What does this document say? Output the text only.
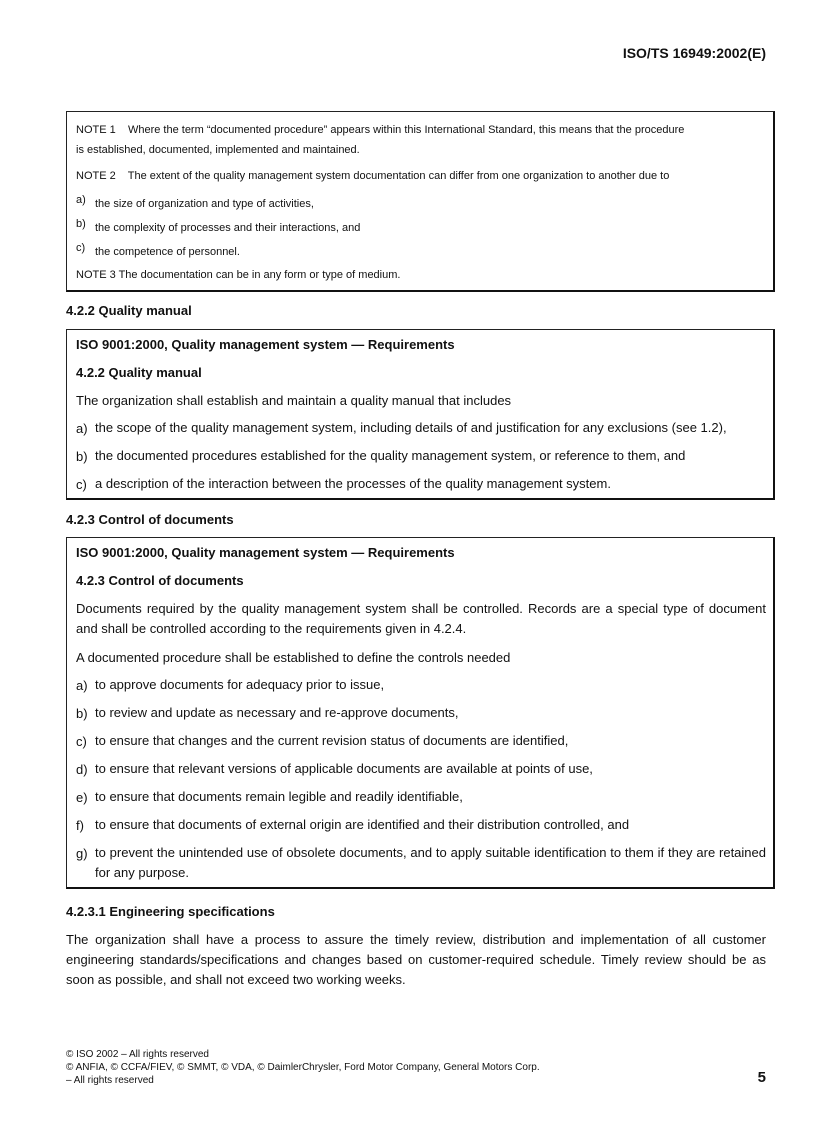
ISO/TS 16949:2002(E)
NOTE 1    Where the term “documented procedure” appears within this International Standard, this means that the procedure
is established, documented, implemented and maintained.
NOTE 2    The extent of the quality management system documentation can differ from one organization to another due to
a) the size of organization and type of activities,
b) the complexity of processes and their interactions, and
c) the competence of personnel.
NOTE 3 The documentation can be in any form or type of medium.
4.2.2 Quality manual
ISO 9001:2000, Quality management system — Requirements
4.2.2 Quality manual
The organization shall establish and maintain a quality manual that includes
a) the scope of the quality management system, including details of and justification for any exclusions (see 1.2),
b) the documented procedures established for the quality management system, or reference to them, and
c) a description of the interaction between the processes of the quality management system.
4.2.3 Control of documents
ISO 9001:2000, Quality management system — Requirements
4.2.3 Control of documents
Documents required by the quality management system shall be controlled. Records are a special type of document and shall be controlled according to the requirements given in 4.2.4.
A documented procedure shall be established to define the controls needed
a) to approve documents for adequacy prior to issue,
b) to review and update as necessary and re-approve documents,
c) to ensure that changes and the current revision status of documents are identified,
d) to ensure that relevant versions of applicable documents are available at points of use,
e) to ensure that documents remain legible and readily identifiable,
f) to ensure that documents of external origin are identified and their distribution controlled, and
g) to prevent the unintended use of obsolete documents, and to apply suitable identification to them if they are retained for any purpose.
4.2.3.1 Engineering specifications
The organization shall have a process to assure the timely review, distribution and implementation of all customer engineering standards/specifications and changes based on customer-required schedule. Timely review should be as soon as possible, and shall not exceed two working weeks.
© ISO 2002 – All rights reserved
© ANFIA, © CCFA/FIEV, © SMMT, © VDA, © DaimlerChrysler, Ford Motor Company, General Motors Corp.
– All rights reserved	5
